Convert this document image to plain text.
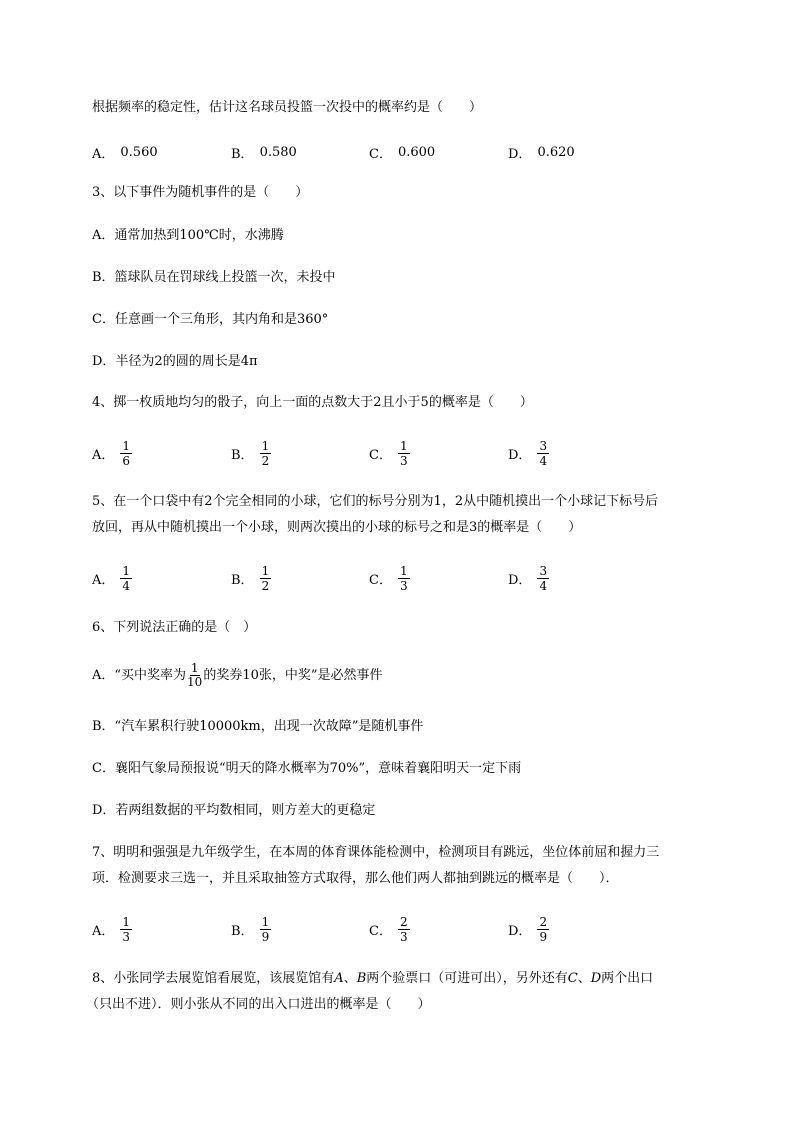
根据频率的稳定性，估计这名球员投篮一次投中的概率约是（　　）
A． 0.560	B． 0.580	C． 0.600	D． 0.620
3、以下事件为随机事件的是（　　）
A．通常加热到100℃时，水沸腾
B．篮球队员在罚球线上投篮一次，未投中
C．任意画一个三角形，其内角和是360°
D．半径为2的圆的周长是4π
4、掷一枚质地均匀的骰子，向上一面的点数大于2且小于5的概率是（　　）
A． $\frac{1}{6}$	B． $\frac{1}{2}$	C． $\frac{1}{3}$	D． $\frac{3}{4}$
5、在一个口袋中有2个完全相同的小球，它们的标号分别为1，2从中随机摸出一个小球记下标号后
放回，再从中随机摸出一个小球，则两次摸出的小球的标号之和是3的概率是（　　）
A． $\frac{1}{4}$	B． $\frac{1}{2}$	C． $\frac{1}{3}$	D． $\frac{3}{4}$
6、下列说法正确的是（　）
A．“买中奖率为 $\frac{1}{10}$ 的奖券10张，中奖”是必然事件
B．“汽车累积行驶10000km，出现一次故障”是随机事件
C．襄阳气象局预报说“明天的降水概率为70%”，意味着襄阳明天一定下雨
D．若两组数据的平均数相同，则方差大的更稳定
7、明明和强强是九年级学生，在本周的体育课体能检测中，检测项目有跳远，坐位体前屈和握力三
项．检测要求三选一，并且采取抽签方式取得，那么他们两人都抽到跳远的概率是（　　）．
A． $\frac{1}{3}$	B． $\frac{1}{9}$	C． $\frac{2}{3}$	D． $\frac{2}{9}$
8、小张同学去展览馆看展览，该展览馆有A、B两个验票口（可进可出），另外还有C、D两个出口
（只出不进）．则小张从不同的出入口进出的概率是（　　）
